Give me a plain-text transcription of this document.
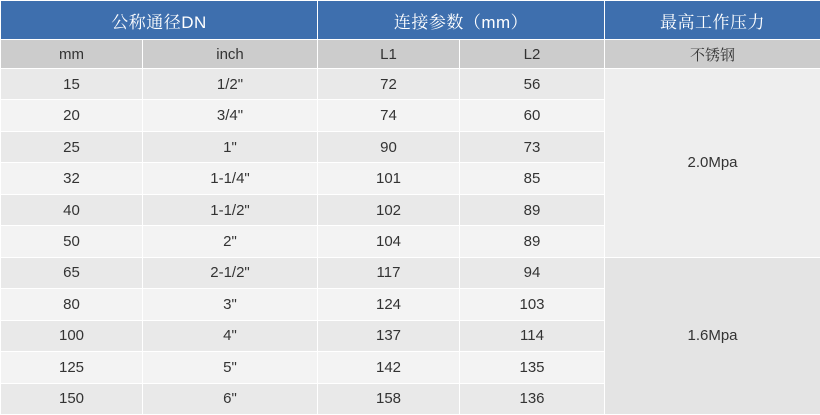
公称通径DN		连接参数（mm）		最高工作压力
mm	inch	L1	L2	不锈钢
15	1/2"	72	56	2.0Mpa
20	3/4"	74	60	
25	1"	90	73	
32	1-1/4"	101	85	
40	1-1/2"	102	89	
50	2"	104	89	
65	2-1/2"	117	94	1.6Mpa
80	3"	124	103	
100	4"	137	114	
125	5"	142	135	
150	6"	158	136	
